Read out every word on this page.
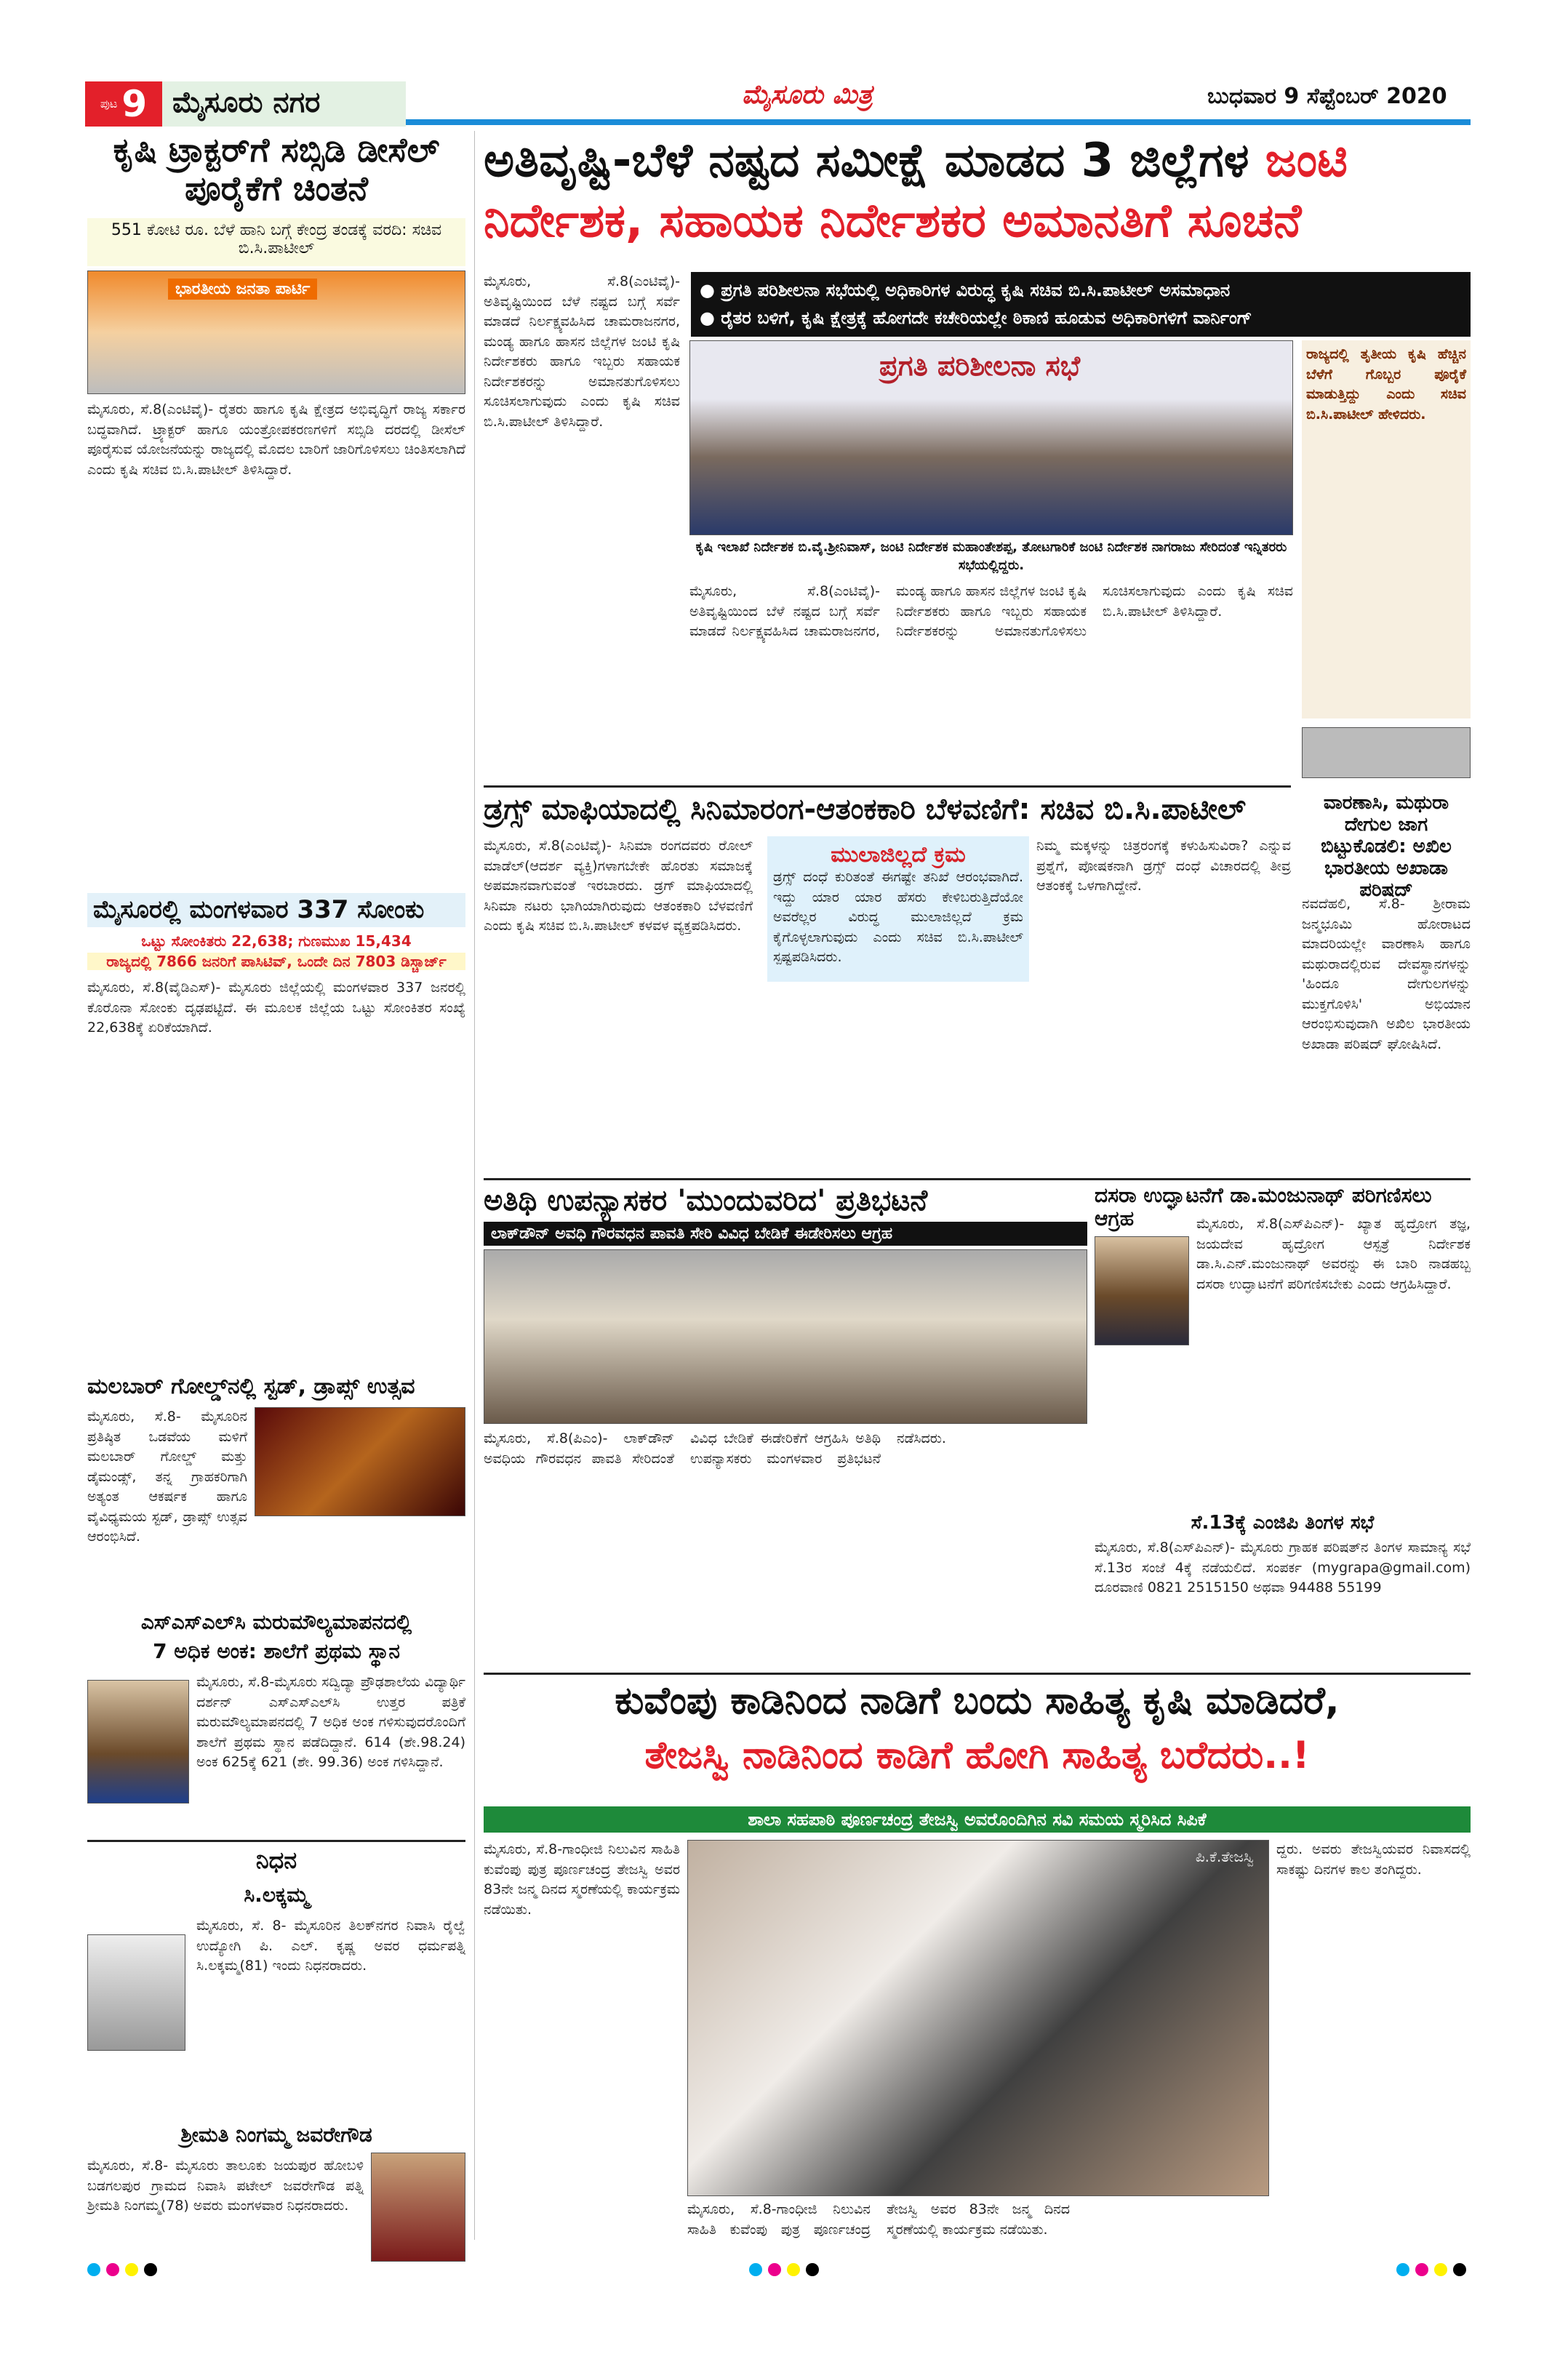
ಪುಟ 9 ಮೈಸೂರು ನಗರ	ಮೈಸೂರು ಮಿತ್ರ	ಬುಧವಾರ 9 ಸೆಪ್ಟೆಂಬರ್ 2020
ಕೃಷಿ ಟ್ರಾಕ್ಟರ್‌ಗೆ ಸಬ್ಸಿಡಿ ಡೀಸೆಲ್ ಪೂರೈಕೆಗೆ ಚಿಂತನೆ
551 ಕೋಟಿ ರೂ. ಬೆಳೆ ಹಾನಿ ಬಗ್ಗೆ ಕೇಂದ್ರ ತಂಡಕ್ಕೆ ವರದಿ: ಸಚಿವ ಬಿ.ಸಿ.ಪಾಟೀಲ್
ಭಾರತೀಯ ಜನತಾ ಪಾರ್ಟಿ
ಮೈಸೂರು, ಸೆ.8(ಎಂಟಿವೈ)- ರೈತರು ಹಾಗೂ ಕೃಷಿ ಕ್ಷೇತ್ರದ ಅಭಿವೃದ್ಧಿಗೆ ರಾಜ್ಯ ಸರ್ಕಾರ ಬದ್ಧವಾಗಿದೆ. ಟ್ರ್ಯಾಕ್ಟರ್ ಹಾಗೂ ಯಂತ್ರೋಪಕರಣಗಳಿಗೆ ಸಬ್ಸಿಡಿ ದರದಲ್ಲಿ ಡೀಸೆಲ್ ಪೂರೈಸುವ ಯೋಜನೆಯನ್ನು ರಾಜ್ಯದಲ್ಲಿ ಮೊದಲ ಬಾರಿಗೆ ಜಾರಿಗೊಳಿಸಲು ಚಿಂತಿಸಲಾಗಿದೆ ಎಂದು ಕೃಷಿ ಸಚಿವ ಬಿ.ಸಿ.ಪಾಟೀಲ್ ತಿಳಿಸಿದ್ದಾರೆ.
ಮೈಸೂರಲ್ಲಿ ಮಂಗಳವಾರ 337 ಸೋಂಕು
ಒಟ್ಟು ಸೋಂಕಿತರು 22,638; ಗುಣಮುಖ 15,434
ರಾಜ್ಯದಲ್ಲಿ 7866 ಜನರಿಗೆ ಪಾಸಿಟಿವ್, ಒಂದೇ ದಿನ 7803 ಡಿಸ್ಚಾರ್ಜ್
ಮೈಸೂರು, ಸೆ.8(ವೈಡಿಎಸ್)- ಮೈಸೂರು ಜಿಲ್ಲೆಯಲ್ಲಿ ಮಂಗಳವಾರ 337 ಜನರಲ್ಲಿ ಕೊರೊನಾ ಸೋಂಕು ದೃಢಪಟ್ಟಿದೆ. ಈ ಮೂಲಕ ಜಿಲ್ಲೆಯ ಒಟ್ಟು ಸೋಂಕಿತರ ಸಂಖ್ಯೆ 22,638ಕ್ಕೆ ಏರಿಕೆಯಾಗಿದೆ.
ಮಲಬಾರ್ ಗೋಲ್ಡ್‌ನಲ್ಲಿ ಸ್ಟಡ್, ಡ್ರಾಪ್ಸ್ ಉತ್ಸವ
ಮೈಸೂರು, ಸೆ.8- ಮೈಸೂರಿನ ಪ್ರತಿಷ್ಠಿತ ಒಡವೆಯ ಮಳಿಗೆ ಮಲಬಾರ್ ಗೋಲ್ಡ್ ಮತ್ತು ಡೈಮಂಡ್ಸ್, ತನ್ನ ಗ್ರಾಹಕರಿಗಾಗಿ ಅತ್ಯಂತ ಆಕರ್ಷಕ ಹಾಗೂ ವೈವಿಧ್ಯಮಯ ಸ್ಟಡ್, ಡ್ರಾಪ್ಸ್ ಉತ್ಸವ ಆರಂಭಿಸಿದೆ.
ಎಸ್‌ಎಸ್‌ಎಲ್‌ಸಿ ಮರುಮೌಲ್ಯಮಾಪನದಲ್ಲಿ
7 ಅಧಿಕ ಅಂಕ: ಶಾಲೆಗೆ ಪ್ರಥಮ ಸ್ಥಾನ
ಮೈಸೂರು, ಸೆ.8-ಮೈಸೂರು ಸದ್ವಿದ್ಯಾ ಪ್ರೌಢಶಾಲೆಯ ವಿದ್ಯಾರ್ಥಿ ದರ್ಶನ್ ಎಸ್‌ಎಸ್‌ಎಲ್‌ಸಿ ಉತ್ತರ ಪತ್ರಿಕೆ ಮರುಮೌಲ್ಯಮಾಪನದಲ್ಲಿ 7 ಅಧಿಕ ಅಂಕ ಗಳಿಸುವುದರೊಂದಿಗೆ ಶಾಲೆಗೆ ಪ್ರಥಮ ಸ್ಥಾನ ಪಡೆದಿದ್ದಾನೆ. 614 (ಶೇ.98.24) ಅಂಕ 625ಕ್ಕೆ 621 (ಶೇ. 99.36) ಅಂಕ ಗಳಿಸಿದ್ದಾನೆ.
ನಿಧನ
ಸಿ.ಲಕ್ಕಮ್ಮ
ಮೈಸೂರು, ಸೆ. 8- ಮೈಸೂರಿನ ತಿಲಕ್‌ನಗರ ನಿವಾಸಿ ರೈಲ್ವೆ ಉದ್ಯೋಗಿ ಪಿ. ಎಲ್. ಕೃಷ್ಣ ಅವರ ಧರ್ಮಪತ್ನಿ ಸಿ.ಲಕ್ಕಮ್ಮ(81) ಇಂದು ನಿಧನರಾದರು.
ಶ್ರೀಮತಿ ನಿಂಗಮ್ಮ ಜವರೇಗೌಡ
ಮೈಸೂರು, ಸೆ.8- ಮೈಸೂರು ತಾಲೂಕು ಜಯಪುರ ಹೋಬಳಿ ಬಡಗಲಪುರ ಗ್ರಾಮದ ನಿವಾಸಿ ಪಟೇಲ್ ಜವರೇಗೌಡ ಪತ್ನಿ ಶ್ರೀಮತಿ ನಿಂಗಮ್ಮ(78) ಅವರು ಮಂಗಳವಾರ ನಿಧನರಾದರು.
ಅತಿವೃಷ್ಟಿ-ಬೆಳೆ ನಷ್ಟದ ಸಮೀಕ್ಷೆ ಮಾಡದ 3 ಜಿಲ್ಲೆಗಳ ಜಂಟಿ
ನಿರ್ದೇಶಕ, ಸಹಾಯಕ ನಿರ್ದೇಶಕರ ಅಮಾನತಿಗೆ ಸೂಚನೆ
● ಪ್ರಗತಿ ಪರಿಶೀಲನಾ ಸಭೆಯಲ್ಲಿ ಅಧಿಕಾರಿಗಳ ವಿರುದ್ಧ ಕೃಷಿ ಸಚಿವ ಬಿ.ಸಿ.ಪಾಟೀಲ್ ಅಸಮಾಧಾನ
● ರೈತರ ಬಳಿಗೆ, ಕೃಷಿ ಕ್ಷೇತ್ರಕ್ಕೆ ಹೋಗದೇ ಕಚೇರಿಯಲ್ಲೇ ಠಿಕಾಣಿ ಹೂಡುವ ಅಧಿಕಾರಿಗಳಿಗೆ ವಾರ್ನಿಂಗ್
ಮೈಸೂರು, ಸೆ.8(ಎಂಟಿವೈ)- ಅತಿವೃಷ್ಟಿಯಿಂದ ಬೆಳೆ ನಷ್ಟದ ಬಗ್ಗೆ ಸರ್ವೆ ಮಾಡದೆ ನಿರ್ಲಕ್ಷ್ಯವಹಿಸಿದ ಚಾಮರಾಜನಗರ, ಮಂಡ್ಯ ಹಾಗೂ ಹಾಸನ ಜಿಲ್ಲೆಗಳ ಜಂಟಿ ಕೃಷಿ ನಿರ್ದೇಶಕರು ಹಾಗೂ ಇಬ್ಬರು ಸಹಾಯಕ ನಿರ್ದೇಶಕರನ್ನು ಅಮಾನತುಗೊಳಿಸಲು ಸೂಚಿಸಲಾಗುವುದು ಎಂದು ಕೃಷಿ ಸಚಿವ ಬಿ.ಸಿ.ಪಾಟೀಲ್ ತಿಳಿಸಿದ್ದಾರೆ.
ಪ್ರಗತಿ ಪರಿಶೀಲನಾ ಸಭೆ
ಕೃಷಿ ಇಲಾಖೆ ನಿರ್ದೇಶಕ ಬಿ.ವೈ.ಶ್ರೀನಿವಾಸ್, ಜಂಟಿ ನಿರ್ದೇಶಕ ಮಹಾಂತೇಶಪ್ಪ, ತೋಟಗಾರಿಕೆ ಜಂಟಿ ನಿರ್ದೇಶಕ ನಾಗರಾಜು ಸೇರಿದಂತೆ ಇನ್ನಿತರರು ಸಭೆಯಲ್ಲಿದ್ದರು.
ಮೈಸೂರು, ಸೆ.8(ಎಂಟಿವೈ)- ಅತಿವೃಷ್ಟಿಯಿಂದ ಬೆಳೆ ನಷ್ಟದ ಬಗ್ಗೆ ಸರ್ವೆ ಮಾಡದೆ ನಿರ್ಲಕ್ಷ್ಯವಹಿಸಿದ ಚಾಮರಾಜನಗರ, ಮಂಡ್ಯ ಹಾಗೂ ಹಾಸನ ಜಿಲ್ಲೆಗಳ ಜಂಟಿ ಕೃಷಿ ನಿರ್ದೇಶಕರು ಹಾಗೂ ಇಬ್ಬರು ಸಹಾಯಕ ನಿರ್ದೇಶಕರನ್ನು ಅಮಾನತುಗೊಳಿಸಲು ಸೂಚಿಸಲಾಗುವುದು ಎಂದು ಕೃಷಿ ಸಚಿವ ಬಿ.ಸಿ.ಪಾಟೀಲ್ ತಿಳಿಸಿದ್ದಾರೆ.
ರಾಜ್ಯದಲ್ಲಿ ತೃತೀಯ ಕೃಷಿ ಹೆಚ್ಚಿನ ಬೆಳೆಗೆ ಗೊಬ್ಬರ ಪೂರೈಕೆ ಮಾಡುತ್ತಿದ್ದು ಎಂದು ಸಚಿವ ಬಿ.ಸಿ.ಪಾಟೀಲ್ ಹೇಳಿದರು.
ಡ್ರಗ್ಸ್ ಮಾಫಿಯಾದಲ್ಲಿ ಸಿನಿಮಾರಂಗ-ಆತಂಕಕಾರಿ ಬೆಳವಣಿಗೆ: ಸಚಿವ ಬಿ.ಸಿ.ಪಾಟೀಲ್
ಮೈಸೂರು, ಸೆ.8(ಎಂಟಿವೈ)- ಸಿನಿಮಾ ರಂಗದವರು ರೋಲ್ ಮಾಡೆಲ್(ಆದರ್ಶ ವ್ಯಕ್ತಿ)ಗಳಾಗಬೇಕೇ ಹೊರತು ಸಮಾಜಕ್ಕೆ ಅಪಮಾನವಾಗುವಂತೆ ಇರಬಾರದು. ಡ್ರಗ್ ಮಾಫಿಯಾದಲ್ಲಿ ಸಿನಿಮಾ ನಟರು ಭಾಗಿಯಾಗಿರುವುದು ಆತಂಕಕಾರಿ ಬೆಳವಣಿಗೆ ಎಂದು ಕೃಷಿ ಸಚಿವ ಬಿ.ಸಿ.ಪಾಟೀಲ್ ಕಳವಳ ವ್ಯಕ್ತಪಡಿಸಿದರು.
ಮುಲಾಜಿಲ್ಲದೆ ಕ್ರಮ
ಡ್ರಗ್ಸ್ ದಂಧೆ ಕುರಿತಂತೆ ಈಗಷ್ಟೇ ತನಿಖೆ ಆರಂಭವಾಗಿದೆ. ಇದ್ದು ಯಾರ ಯಾರ ಹೆಸರು ಕೇಳಿಬರುತ್ತಿದೆಯೋ ಅವರೆಲ್ಲರ ವಿರುದ್ಧ ಮುಲಾಜಿಲ್ಲದೆ ಕ್ರಮ ಕೈಗೊಳ್ಳಲಾಗುವುದು ಎಂದು ಸಚಿವ ಬಿ.ಸಿ.ಪಾಟೀಲ್ ಸ್ಪಷ್ಟಪಡಿಸಿದರು.
ನಿಮ್ಮ ಮಕ್ಕಳನ್ನು ಚಿತ್ರರಂಗಕ್ಕೆ ಕಳುಹಿಸುವಿರಾ? ಎನ್ನುವ ಪ್ರಶ್ನೆಗೆ, ಪೋಷಕನಾಗಿ ಡ್ರಗ್ಸ್ ದಂಧೆ ವಿಚಾರದಲ್ಲಿ ತೀವ್ರ ಆತಂಕಕ್ಕೆ ಒಳಗಾಗಿದ್ದೇನೆ.
ವಾರಣಾಸಿ, ಮಥುರಾ ದೇಗುಲ ಜಾಗ ಬಿಟ್ಟುಕೊಡಲಿ: ಅಖಿಲ ಭಾರತೀಯ ಅಖಾಡಾ ಪರಿಷದ್
ನವದೆಹಲಿ, ಸೆ.8- ಶ್ರೀರಾಮ ಜನ್ಮಭೂಮಿ ಹೋರಾಟದ ಮಾದರಿಯಲ್ಲೇ ವಾರಣಾಸಿ ಹಾಗೂ ಮಥುರಾದಲ್ಲಿರುವ ದೇವಸ್ಥಾನಗಳನ್ನು 'ಹಿಂದೂ ದೇಗುಲಗಳನ್ನು ಮುಕ್ತಗೊಳಿಸಿ' ಅಭಿಯಾನ ಆರಂಭಿಸುವುದಾಗಿ ಅಖಿಲ ಭಾರತೀಯ ಅಖಾಡಾ ಪರಿಷದ್ ಘೋಷಿಸಿದೆ.
ಅತಿಥಿ ಉಪನ್ಯಾಸಕರ 'ಮುಂದುವರಿದ' ಪ್ರತಿಭಟನೆ
ಲಾಕ್‌ಡೌನ್ ಅವಧಿ ಗೌರವಧನ ಪಾವತಿ ಸೇರಿ ವಿವಿಧ ಬೇಡಿಕೆ ಈಡೇರಿಸಲು ಆಗ್ರಹ
ಮೈಸೂರು, ಸೆ.8(ಪಿಎಂ)- ಲಾಕ್‌ಡೌನ್ ಅವಧಿಯ ಗೌರವಧನ ಪಾವತಿ ಸೇರಿದಂತೆ ವಿವಿಧ ಬೇಡಿಕೆ ಈಡೇರಿಕೆಗೆ ಆಗ್ರಹಿಸಿ ಅತಿಥಿ ಉಪನ್ಯಾಸಕರು ಮಂಗಳವಾರ ಪ್ರತಿಭಟನೆ ನಡೆಸಿದರು.
ದಸರಾ ಉದ್ಘಾಟನೆಗೆ ಡಾ.ಮಂಜುನಾಥ್ ಪರಿಗಣಿಸಲು ಆಗ್ರಹ	ಮೈಸೂರು, ಸೆ.8(ಎಸ್‌ಪಿಎನ್)- ಖ್ಯಾತ ಹೃದ್ರೋಗ ತಜ್ಞ, ಜಯದೇವ ಹೃದ್ರೋಗ ಆಸ್ಪತ್ರೆ ನಿರ್ದೇಶಕ ಡಾ.ಸಿ.ಎನ್.ಮಂಜುನಾಥ್ ಅವರನ್ನು ಈ ಬಾರಿ ನಾಡಹಬ್ಬ ದಸರಾ ಉದ್ಘಾಟನೆಗೆ ಪರಿಗಣಿಸಬೇಕು ಎಂದು ಆಗ್ರಹಿಸಿದ್ದಾರೆ.
ಸೆ.13ಕ್ಕೆ ಎಂಜಿಪಿ ತಿಂಗಳ ಸಭೆ
ಮೈಸೂರು, ಸೆ.8(ಎಸ್‌ಪಿಎನ್)- ಮೈಸೂರು ಗ್ರಾಹಕ ಪರಿಷತ್‌ನ ತಿಂಗಳ ಸಾಮಾನ್ಯ ಸಭೆ ಸೆ.13ರ ಸಂಜೆ 4ಕ್ಕೆ ನಡೆಯಲಿದೆ. ಸಂಪರ್ಕ (mygrapa@gmail.com) ದೂರವಾಣಿ 0821 2515150 ಅಥವಾ 94488 55199
ಕುವೆಂಪು ಕಾಡಿನಿಂದ ನಾಡಿಗೆ ಬಂದು ಸಾಹಿತ್ಯ ಕೃಷಿ ಮಾಡಿದರೆ,
ತೇಜಸ್ವಿ ನಾಡಿನಿಂದ ಕಾಡಿಗೆ ಹೋಗಿ ಸಾಹಿತ್ಯ ಬರೆದರು..!
ಶಾಲಾ ಸಹಪಾಠಿ ಪೂರ್ಣಚಂದ್ರ ತೇಜಸ್ವಿ ಅವರೊಂದಿಗಿನ ಸವಿ ಸಮಯ ಸ್ಮರಿಸಿದ ಸಿಪಿಕೆ
ಮೈಸೂರು, ಸೆ.8-ಗಾಂಧೀಜಿ ನಿಲುವಿನ ಸಾಹಿತಿ ಕುವೆಂಪು ಪುತ್ರ ಪೂರ್ಣಚಂದ್ರ ತೇಜಸ್ವಿ ಅವರ 83ನೇ ಜನ್ಮ ದಿನದ ಸ್ಮರಣೆಯಲ್ಲಿ ಕಾರ್ಯಕ್ರಮ ನಡೆಯಿತು.
ಪಿ.ಕೆ.ತೇಜಸ್ವಿ ದ್ದರು. ಅವರು ತೇಜಸ್ವಿಯವರ ನಿವಾಸದಲ್ಲಿ ಸಾಕಷ್ಟು ದಿನಗಳ ಕಾಲ ತಂಗಿದ್ದರು.
ಮೈಸೂರು, ಸೆ.8-ಗಾಂಧೀಜಿ ನಿಲುವಿನ ಸಾಹಿತಿ ಕುವೆಂಪು ಪುತ್ರ ಪೂರ್ಣಚಂದ್ರ ತೇಜಸ್ವಿ ಅವರ 83ನೇ ಜನ್ಮ ದಿನದ ಸ್ಮರಣೆಯಲ್ಲಿ ಕಾರ್ಯಕ್ರಮ ನಡೆಯಿತು.
